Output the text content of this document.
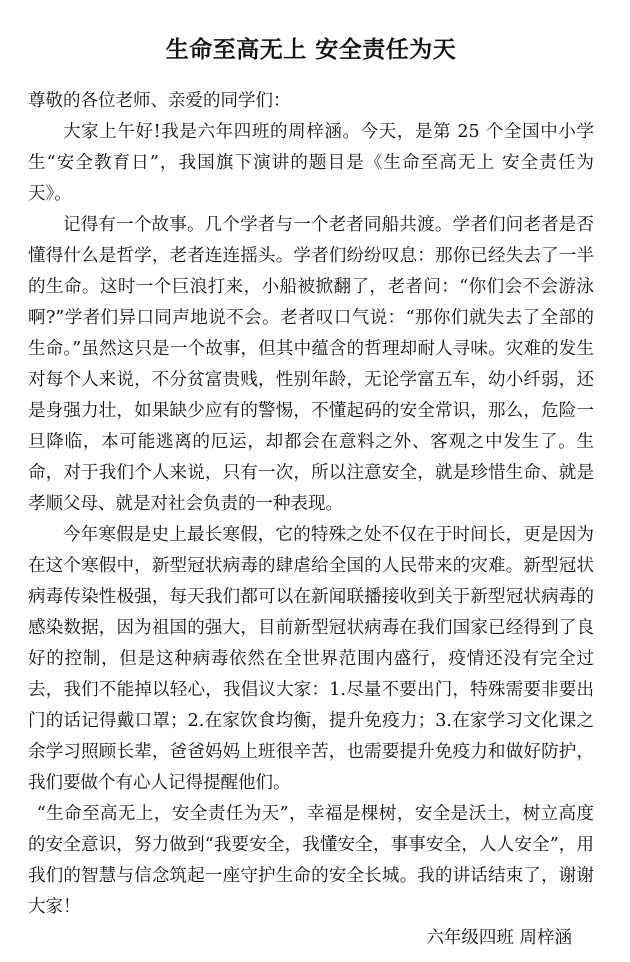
生命至高无上 安全责任为天

尊敬的各位老师、亲爱的同学们：

大家上午好!我是六年四班的周梓涵。今天，是第 25 个全国中小学生“安全教育日”，我国旗下演讲的题目是《生命至高无上 安全责任为天》。

记得有一个故事。几个学者与一个老者同船共渡。学者们问老者是否懂得什么是哲学，老者连连摇头。学者们纷纷叹息：那你已经失去了一半的生命。这时一个巨浪打来，小船被掀翻了，老者问：“你们会不会游泳啊?”学者们异口同声地说不会。老者叹口气说：“那你们就失去了全部的生命。”虽然这只是一个故事，但其中蕴含的哲理却耐人寻味。灾难的发生对每个人来说，不分贫富贵贱，性别年龄，无论学富五车，幼小纤弱，还是身强力壮，如果缺少应有的警惕，不懂起码的安全常识，那么，危险一旦降临，本可能逃离的厄运，却都会在意料之外、客观之中发生了。生命，对于我们个人来说，只有一次，所以注意安全，就是珍惜生命、就是孝顺父母、就是对社会负责的一种表现。

今年寒假是史上最长寒假，它的特殊之处不仅在于时间长，更是因为在这个寒假中，新型冠状病毒的肆虐给全国的人民带来的灾难。新型冠状病毒传染性极强，每天我们都可以在新闻联播接收到关于新型冠状病毒的感染数据，因为祖国的强大，目前新型冠状病毒在我们国家已经得到了良好的控制，但是这种病毒依然在全世界范围内盛行，疫情还没有完全过去，我们不能掉以轻心，我倡议大家：1.尽量不要出门，特殊需要非要出门的话记得戴口罩；2.在家饮食均衡，提升免疫力；3.在家学习文化课之余学习照顾长辈，爸爸妈妈上班很辛苦，也需要提升免疫力和做好防护，我们要做个有心人记得提醒他们。

“生命至高无上，安全责任为天”，幸福是棵树，安全是沃土，树立高度的安全意识，努力做到“我要安全，我懂安全，事事安全，人人安全”，用我们的智慧与信念筑起一座守护生命的安全长城。我的讲话结束了，谢谢大家！

六年级四班 周梓涵
